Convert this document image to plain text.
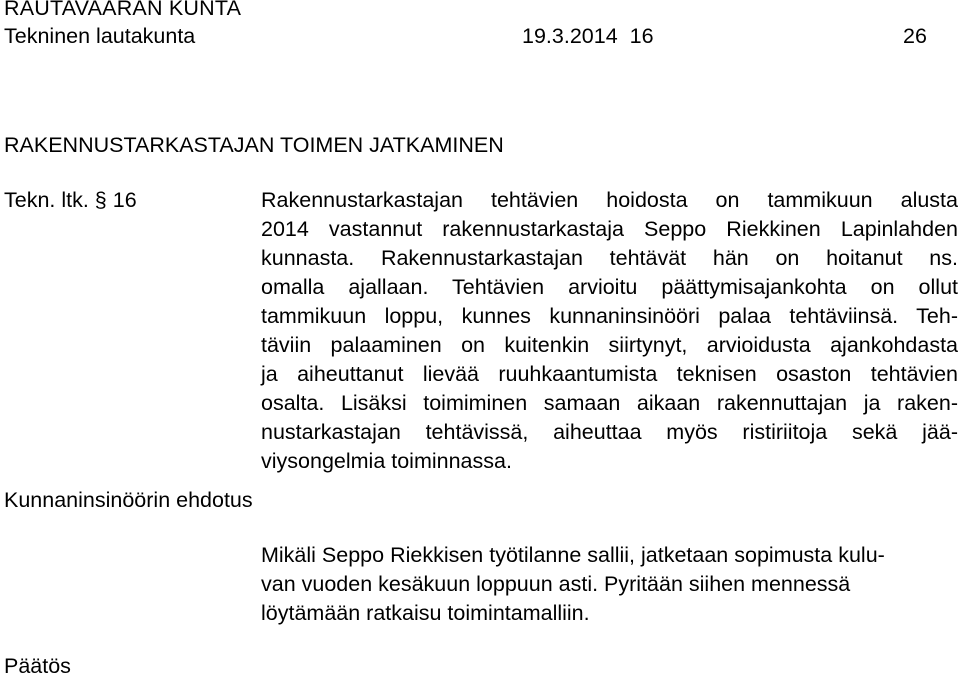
RAUTAVAARAN KUNTA
Tekninen lautakunta	19.3.2014 16	26
RAKENNUSTARKASTAJAN TOIMEN JATKAMINEN
Tekn. ltk. § 16	Rakennustarkastajan tehtävien hoidosta on tammikuun alusta
2014 vastannut rakennustarkastaja Seppo Riekkinen Lapinlahden
kunnasta. Rakennustarkastajan tehtävät hän on hoitanut ns.
omalla ajallaan. Tehtävien arvioitu päättymisajankohta on ollut
tammikuun loppu, kunnes kunnaninsinööri palaa tehtäviinsä. Teh-
täviin palaaminen on kuitenkin siirtynyt, arvioidusta ajankohdasta
ja aiheuttanut lievää ruuhkaantumista teknisen osaston tehtävien
osalta. Lisäksi toimiminen samaan aikaan rakennuttajan ja raken-
nustarkastajan tehtävissä, aiheuttaa myös ristiriitoja sekä jää-
viysongelmia toiminnassa.
Kunnaninsinöörin ehdotus
Mikäli Seppo Riekkisen työtilanne sallii, jatketaan sopimusta kulu-
van vuoden kesäkuun loppuun asti. Pyritään siihen mennessä
löytämään ratkaisu toimintamalliin.
Päätös
